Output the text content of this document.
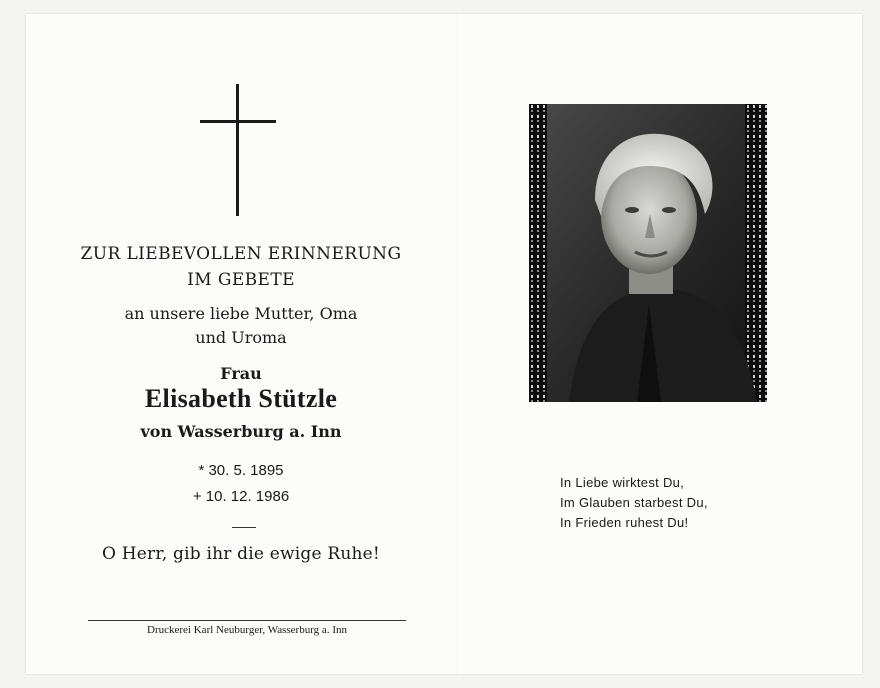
ZUR LIEBEVOLLEN ERINNERUNG
IM GEBETE
an unsere liebe Mutter, Oma
und Uroma
Frau
Elisabeth Stützle
von Wasserburg a. Inn
* 30. 5. 1895
+ 10. 12. 1986
O Herr, gib ihr die ewige Ruhe!
Druckerei Karl Neuburger, Wasserburg a. Inn
In Liebe wirktest Du,
Im Glauben starbest Du,
In Frieden ruhest Du!
